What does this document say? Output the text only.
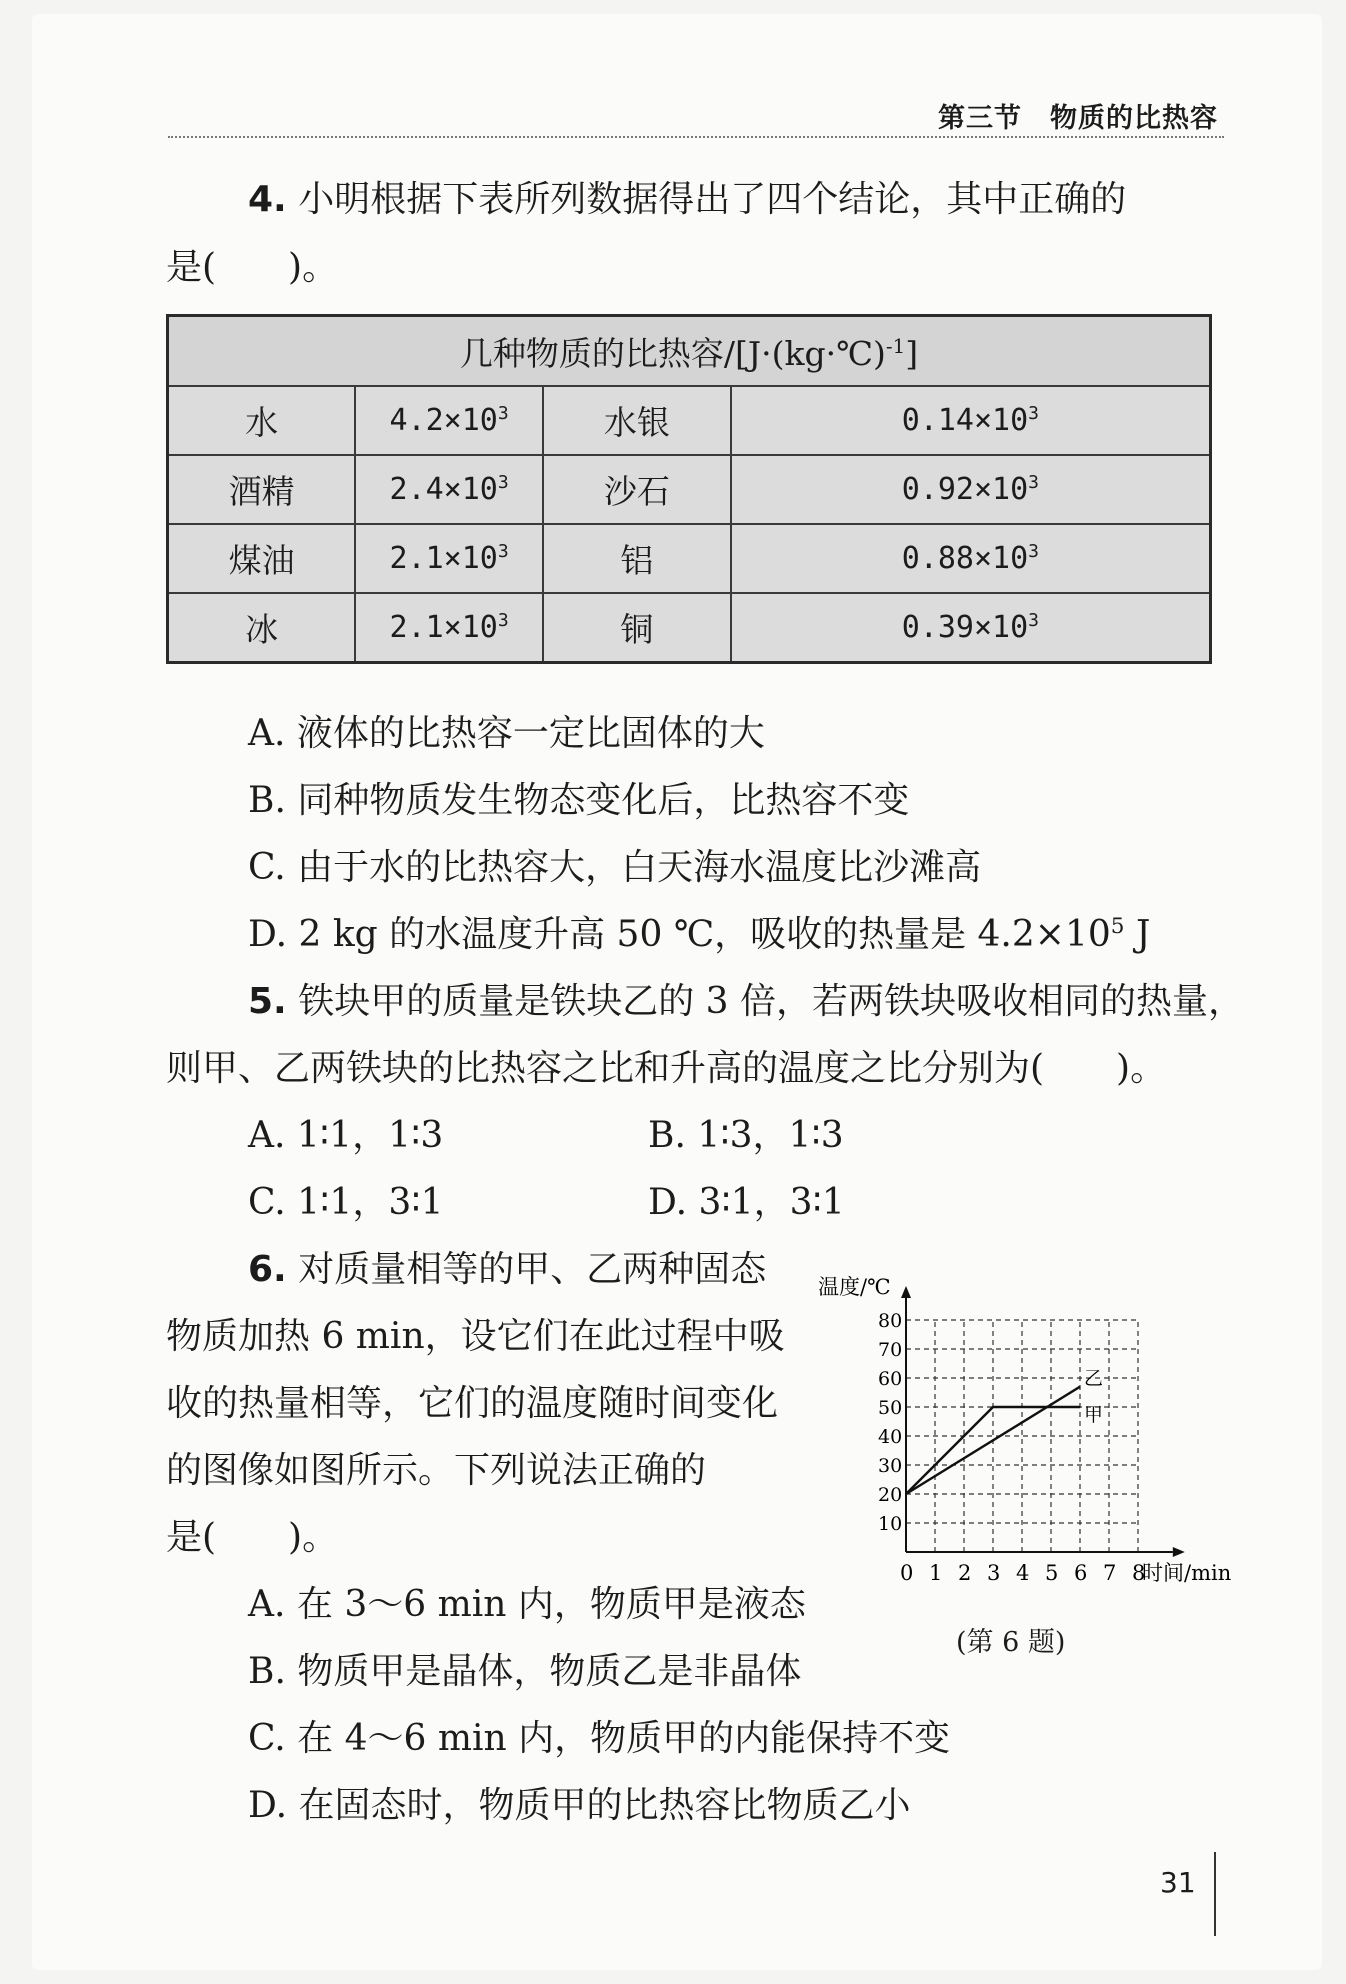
第三节　物质的比热容
4. 小明根据下表所列数据得出了四个结论，其中正确的
是(　　)。
几种物质的比热容/[J·(kg·℃)$^{-1}$]			
水	$4.2\times 10^3$	水银	$0.14\times 10^3$
酒精	$2.4\times 10^3$	沙石	$0.92\times 10^3$
煤油	$2.1\times 10^3$	铝	$0.88\times 10^3$
冰	$2.1\times 10^3$	铜	$0.39\times 10^3$
A. 液体的比热容一定比固体的大
B. 同种物质发生物态变化后，比热容不变
C. 由于水的比热容大，白天海水温度比沙滩高
D. 2 kg 的水温度升高 50 ℃，吸收的热量是 $4.2\times 10^5$ J
5. 铁块甲的质量是铁块乙的 3 倍，若两铁块吸收相同的热量，
则甲、乙两铁块的比热容之比和升高的温度之比分别为(　　)。
A. 1∶1，1∶3	B. 1∶3，1∶3
C. 1∶1，3∶1	D. 3∶1，3∶1
6. 对质量相等的甲、乙两种固态
物质加热 6 min，设它们在此过程中吸
收的热量相等，它们的温度随时间变化
的图像如图所示。下列说法正确的
是(　　)。
A. 在 3～6 min 内，物质甲是液态
B. 物质甲是晶体，物质乙是非晶体
C. 在 4～6 min 内，物质甲的内能保持不变
D. 在固态时，物质甲的比热容比物质乙小
0 1 2 3 4 5 6 7 8
10
20
30
40
50
60
70
80
时间/min
温度/℃
甲
乙
(第 6 题)
31
